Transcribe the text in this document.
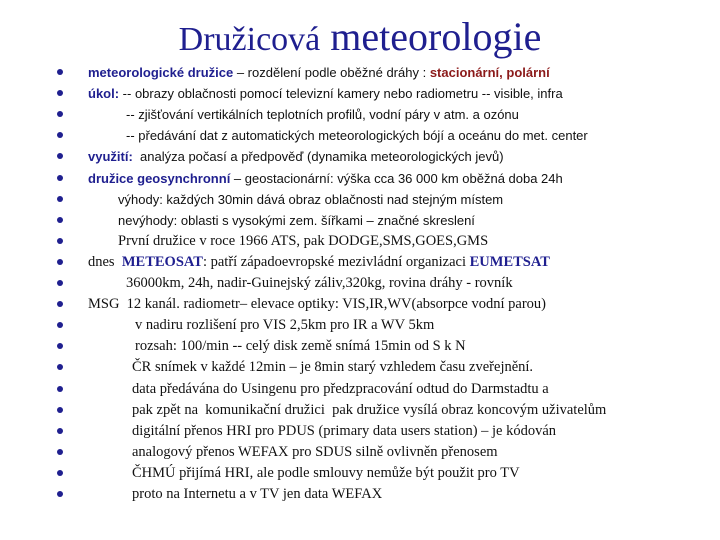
Družicová meteorologie
meteorologické družice – rozdělení podle oběžné dráhy : stacionární, polární
úkol: -- obrazy oblačnosti pomocí televizní kamery nebo radiometru -- visible, infra
-- zjišťování vertikálních teplotních profilů, vodní páry v atm. a ozónu
-- předávání dat z automatických meteorologických bójí a oceánu do met. center
využití:  analýza počasí a předpověď (dynamika meteorologických jevů)
družice geosynchronní – geostacionární: výška cca 36 000 km oběžná doba 24h
výhody: každých 30min dává obraz oblačnosti nad stejným místem
nevýhody: oblasti s vysokými zem. šířkami – značné skreslení
První družice v roce 1966 ATS, pak DODGE,SMS,GOES,GMS
dnes  METEOSAT: patří západoevropské mezivládní organizaci EUMETSAT
36000km, 24h, nadir-Guinejský záliv,320kg, rovina dráhy - rovník
MSG  12 kanál. radiometr– elevace optiky: VIS,IR,WV(absorpce vodní parou)
v nadiru rozlišení pro VIS 2,5km pro IR a WV 5km
rozsah: 100/min -- celý disk země snímá 15min od S k N
ČR snímek v každé 12min – je 8min starý vzhledem času zveřejnění.
data předávána do Usingenu pro předzpracování odtud do Darmstadtu a
pak zpět na  komunikační družici  pak družice vysílá obraz koncovým uživatelům
digitální přenos HRI pro PDUS (primary data users station) – je kódován
analogový přenos WEFAX pro SDUS silně ovlivněn přenosem
ČHMÚ přijímá HRI, ale podle smlouvy nemůže být použit pro TV
proto na Internetu a v TV jen data WEFAX
